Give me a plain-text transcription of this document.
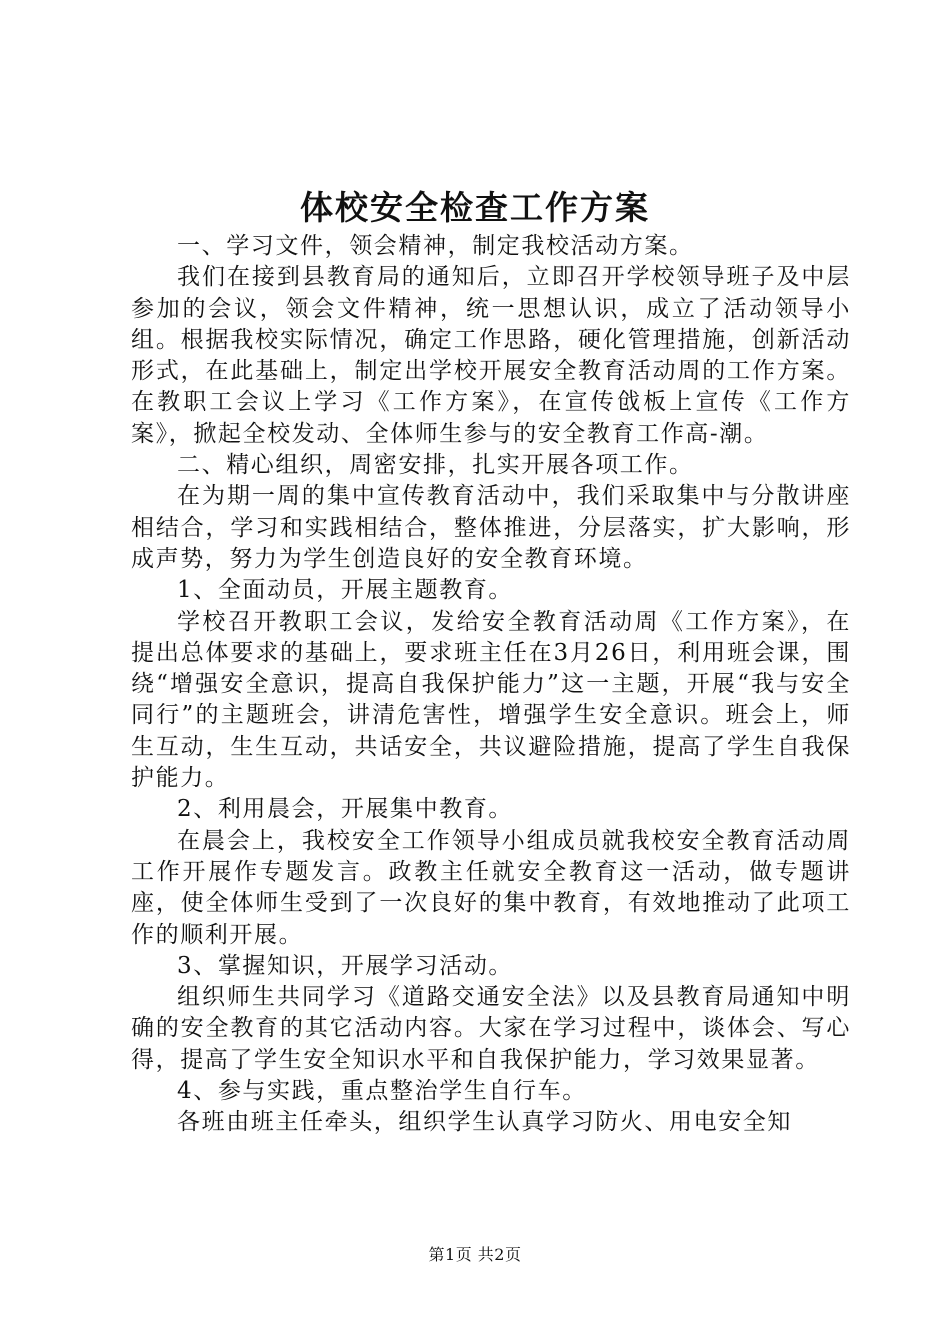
体校安全检查工作方案

一、学习文件，领会精神，制定我校活动方案。

我们在接到县教育局的通知后，立即召开学校领导班子及中层参加的会议，领会文件精神，统一思想认识，成立了活动领导小组。根据我校实际情况，确定工作思路，硬化管理措施，创新活动形式，在此基础上，制定出学校开展安全教育活动周的工作方案。在教职工会议上学习《工作方案》，在宣传戗板上宣传《工作方案》，掀起全校发动、全体师生参与的安全教育工作高-潮。

二、精心组织，周密安排，扎实开展各项工作。

在为期一周的集中宣传教育活动中，我们采取集中与分散讲座相结合，学习和实践相结合，整体推进，分层落实，扩大影响，形成声势，努力为学生创造良好的安全教育环境。

1、全面动员，开展主题教育。

学校召开教职工会议，发给安全教育活动周《工作方案》，在提出总体要求的基础上，要求班主任在3月26日，利用班会课，围绕“增强安全意识，提高自我保护能力”这一主题，开展“我与安全同行”的主题班会，讲清危害性，增强学生安全意识。班会上，师生互动，生生互动，共话安全，共议避险措施，提高了学生自我保护能力。

2、利用晨会，开展集中教育。

在晨会上，我校安全工作领导小组成员就我校安全教育活动周工作开展作专题发言。政教主任就安全教育这一活动，做专题讲座，使全体师生受到了一次良好的集中教育，有效地推动了此项工作的顺利开展。

3、掌握知识，开展学习活动。

组织师生共同学习《道路交通安全法》以及县教育局通知中明确的安全教育的其它活动内容。大家在学习过程中，谈体会、写心得，提高了学生安全知识水平和自我保护能力，学习效果显著。

4、参与实践，重点整治学生自行车。

各班由班主任牵头，组织学生认真学习防火、用电安全知

第1页 共2页
